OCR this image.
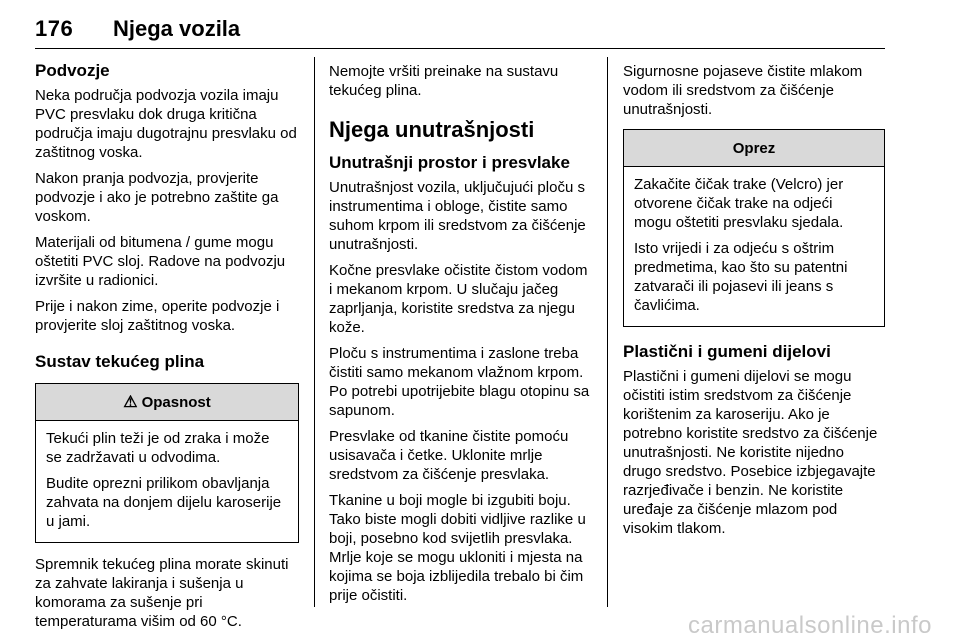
176 Njega vozila
Podvozje

Neka područja podvozja vozila imaju PVC presvlaku dok druga kritična područja imaju dugotrajnu presvlaku od zaštitnog voska.

Nakon pranja podvozja, provjerite podvozje i ako je potrebno zaštite ga voskom.

Materijali od bitumena / gume mogu oštetiti PVC sloj. Radove na podvozju izvršite u radionici.

Prije i nakon zime, operite podvozje i provjerite sloj zaštitnog voska.

Sustav tekućeg plina
⚠ Opasnost

Tekući plin teži je od zraka i može se zadržavati u odvodima.

Budite oprezni prilikom obavljanja zahvata na donjem dijelu karoserije u jami.

Spremnik tekućeg plina morate skinuti za zahvate lakiranja i sušenja u komorama za sušenje pri temperaturama višim od 60 °C.

Nemojte vršiti preinake na sustavu tekućeg plina.

Njega unutrašnjosti
Unutrašnji prostor i presvlake

Unutrašnjost vozila, uključujući ploču s instrumentima i obloge, čistite samo suhom krpom ili sredstvom za čišćenje unutrašnjosti.

Kočne presvlake očistite čistom vodom i mekanom krpom. U slučaju jačeg zaprljanja, koristite sredstva za njegu kože.

Ploču s instrumentima i zaslone treba čistiti samo mekanom vlažnom krpom. Po potrebi upotrijebite blagu otopinu sa sapunom.

Presvlake od tkanine čistite pomoću usisavača i četke. Uklonite mrlje sredstvom za čišćenje presvlaka.

Tkanine u boji mogle bi izgubiti boju. Tako biste mogli dobiti vidljive razlike u boji, posebno kod svijetlih presvlaka. Mrlje koje se mogu ukloniti i mjesta na kojima se boja izblijedila trebalo bi čim prije očistiti.

Sigurnosne pojaseve čistite mlakom vodom ili sredstvom za čišćenje unutrašnjosti.

Oprez

Zakačite čičak trake (Velcro) jer otvorene čičak trake na odjeći mogu oštetiti presvlaku sjedala.

Isto vrijedi i za odjeću s oštrim predmetima, kao što su patentni zatvarači ili pojasevi ili jeans s čavlićima.

Plastični i gumeni dijelovi

Plastični i gumeni dijelovi se mogu očistiti istim sredstvom za čišćenje korištenim za karoseriju. Ako je potrebno koristite sredstvo za čišćenje unutrašnjosti. Ne koristite nijedno drugo sredstvo. Posebice izbjegavajte razrjeđivače i benzin. Ne koristite uređaje za čišćenje mlazom pod visokim tlakom.

carmanualsonline.info
